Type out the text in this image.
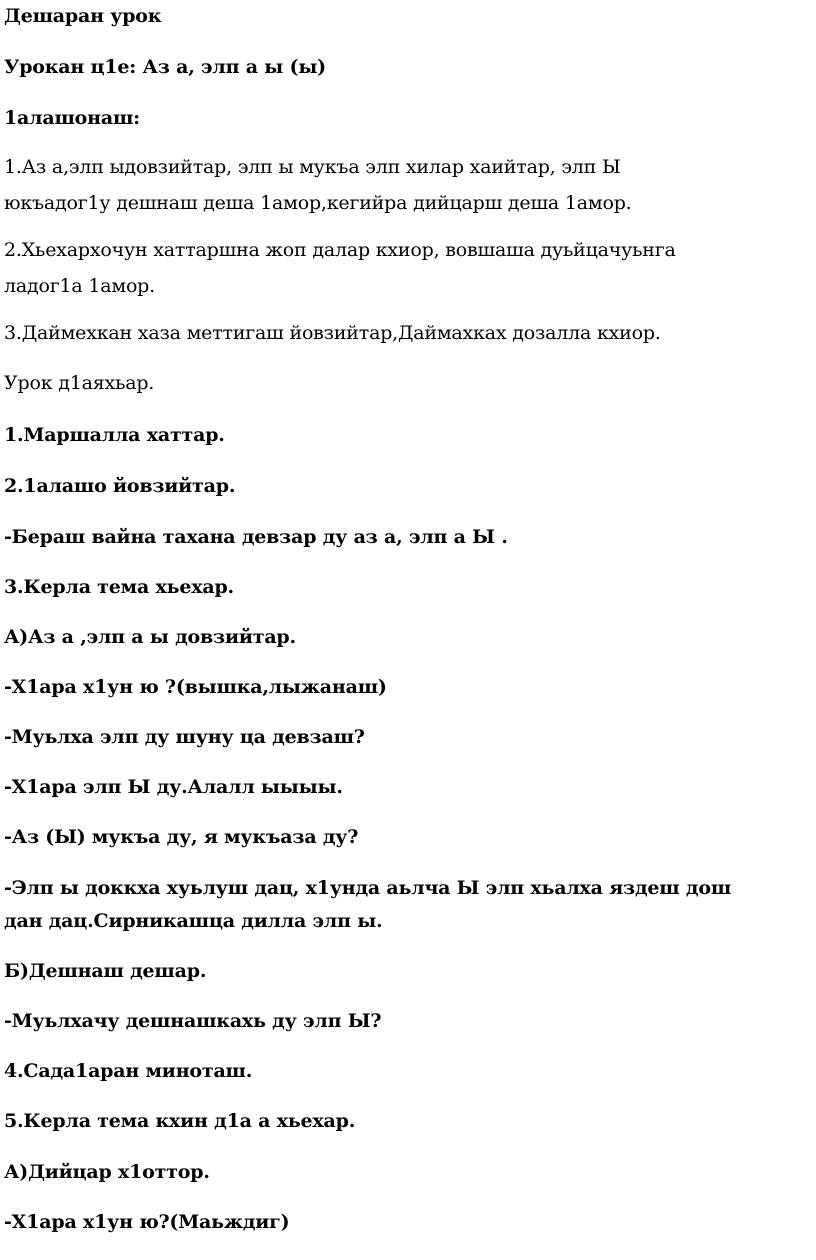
Дешаран урок
Урокан ц1е: Аз а, элп а ы (ы)
1алашонаш:
1.Аз а,элп ыдовзийтар, элп ы мукъа элп хилар хаийтар, элп Ы
юкъадог1у дешнаш деша 1амор,кегийра дийцарш деша 1амор.
2.Хьехархочун хаттаршна жоп далар кхиор, вовшаша дуьйцачуьнга
ладог1а 1амор.
3.Даймехкан хаза меттигаш йовзийтар,Даймахках дозалла кхиор.
Урок д1аяхьар.
1.Маршалла хаттар.
2.1алашо йовзийтар.
-Бераш вайна тахана девзар ду аз а, элп а Ы .
3.Керла тема хьехар.
А)Аз а ,элп а ы довзийтар.
-Х1ара х1ун ю ?(вышка,лыжанаш)
-Муьлха элп ду шуну ца девзаш?
-Х1ара элп Ы ду.Алалл ыыыы.
-Аз (Ы) мукъа ду, я мукъаза ду?
-Элп ы доккха хуьлуш дац, х1унда аьлча Ы элп хьалха яздеш дош
дан дац.Сирникашца дилла элп ы.
Б)Дешнаш дешар.
-Муьлхачу дешнашкахь ду элп Ы?
4.Сада1аран миноташ.
5.Керла тема кхин д1а а хьехар.
А)Дийцар х1оттор.
-Х1ара х1ун ю?(Маьждиг)
